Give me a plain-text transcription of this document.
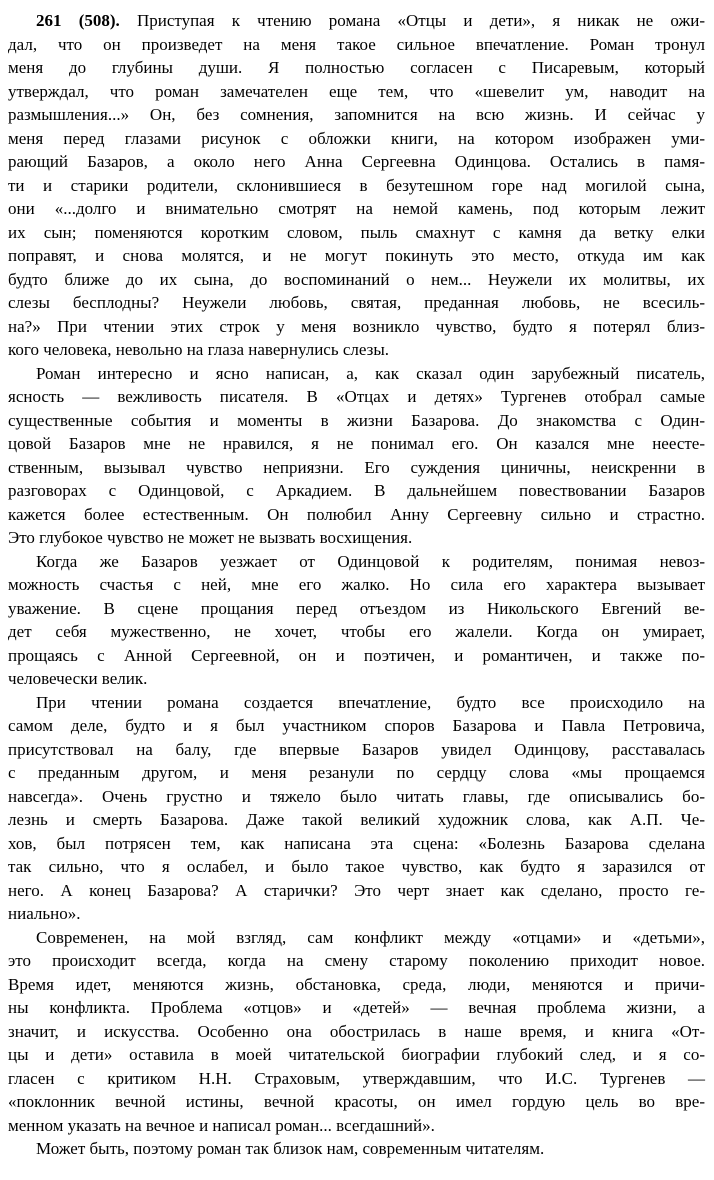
261 (508). Приступая к чтению романа «Отцы и дети», я никак не ожи-
дал, что он произведет на меня такое сильное впечатление. Роман тронул
меня до глубины души. Я полностью согласен с Писаревым, который
утверждал, что роман замечателен еще тем, что «шевелит ум, наводит на
размышления...» Он, без сомнения, запомнится на всю жизнь. И сейчас у
меня перед глазами рисунок с обложки книги, на котором изображен уми-
рающий Базаров, а около него Анна Сергеевна Одинцова. Остались в памя-
ти и старики родители, склонившиеся в безутешном горе над могилой сына,
они «...долго и внимательно смотрят на немой камень, под которым лежит
их сын; поменяются коротким словом, пыль смахнут с камня да ветку елки
поправят, и снова молятся, и не могут покинуть это место, откуда им как
будто ближе до их сына, до воспоминаний о нем... Неужели их молитвы, их
слезы бесплодны? Неужели любовь, святая, преданная любовь, не всесиль-
на?» При чтении этих строк у меня возникло чувство, будто я потерял близ-
кого человека, невольно на глаза навернулись слезы.
Роман интересно и ясно написан, а, как сказал один зарубежный писатель,
ясность — вежливость писателя. В «Отцах и детях» Тургенев отобрал самые
существенные события и моменты в жизни Базарова. До знакомства с Один-
цовой Базаров мне не нравился, я не понимал его. Он казался мне неесте-
ственным, вызывал чувство неприязни. Его суждения циничны, неискренни в
разговорах с Одинцовой, с Аркадием. В дальнейшем повествовании Базаров
кажется более естественным. Он полюбил Анну Сергеевну сильно и страстно.
Это глубокое чувство не может не вызвать восхищения.
Когда же Базаров уезжает от Одинцовой к родителям, понимая невоз-
можность счастья с ней, мне его жалко. Но сила его характера вызывает
уважение. В сцене прощания перед отъездом из Никольского Евгений ве-
дет себя мужественно, не хочет, чтобы его жалели. Когда он умирает,
прощаясь с Анной Сергеевной, он и поэтичен, и романтичен, и также по-
человечески велик.
При чтении романа создается впечатление, будто все происходило на
самом деле, будто и я был участником споров Базарова и Павла Петровича,
присутствовал на балу, где впервые Базаров увидел Одинцову, расставалась
с преданным другом, и меня резанули по сердцу слова «мы прощаемся
навсегда». Очень грустно и тяжело было читать главы, где описывались бо-
лезнь и смерть Базарова. Даже такой великий художник слова, как А.П. Че-
хов, был потрясен тем, как написана эта сцена: «Болезнь Базарова сделана
так сильно, что я ослабел, и было такое чувство, как будто я заразился от
него. А конец Базарова? А старички? Это черт знает как сделано, просто ге-
ниально».
Современен, на мой взгляд, сам конфликт между «отцами» и «детьми»,
это происходит всегда, когда на смену старому поколению приходит новое.
Время идет, меняются жизнь, обстановка, среда, люди, меняются и причи-
ны конфликта. Проблема «отцов» и «детей» — вечная проблема жизни, а
значит, и искусства. Особенно она обострилась в наше время, и книга «От-
цы и дети» оставила в моей читательской биографии глубокий след, и я со-
гласен с критиком Н.Н. Страховым, утверждавшим, что И.С. Тургенев —
«поклонник вечной истины, вечной красоты, он имел гордую цель во вре-
менном указать на вечное и написал роман... всегдашний».
Может быть, поэтому роман так близок нам, современным читателям.
